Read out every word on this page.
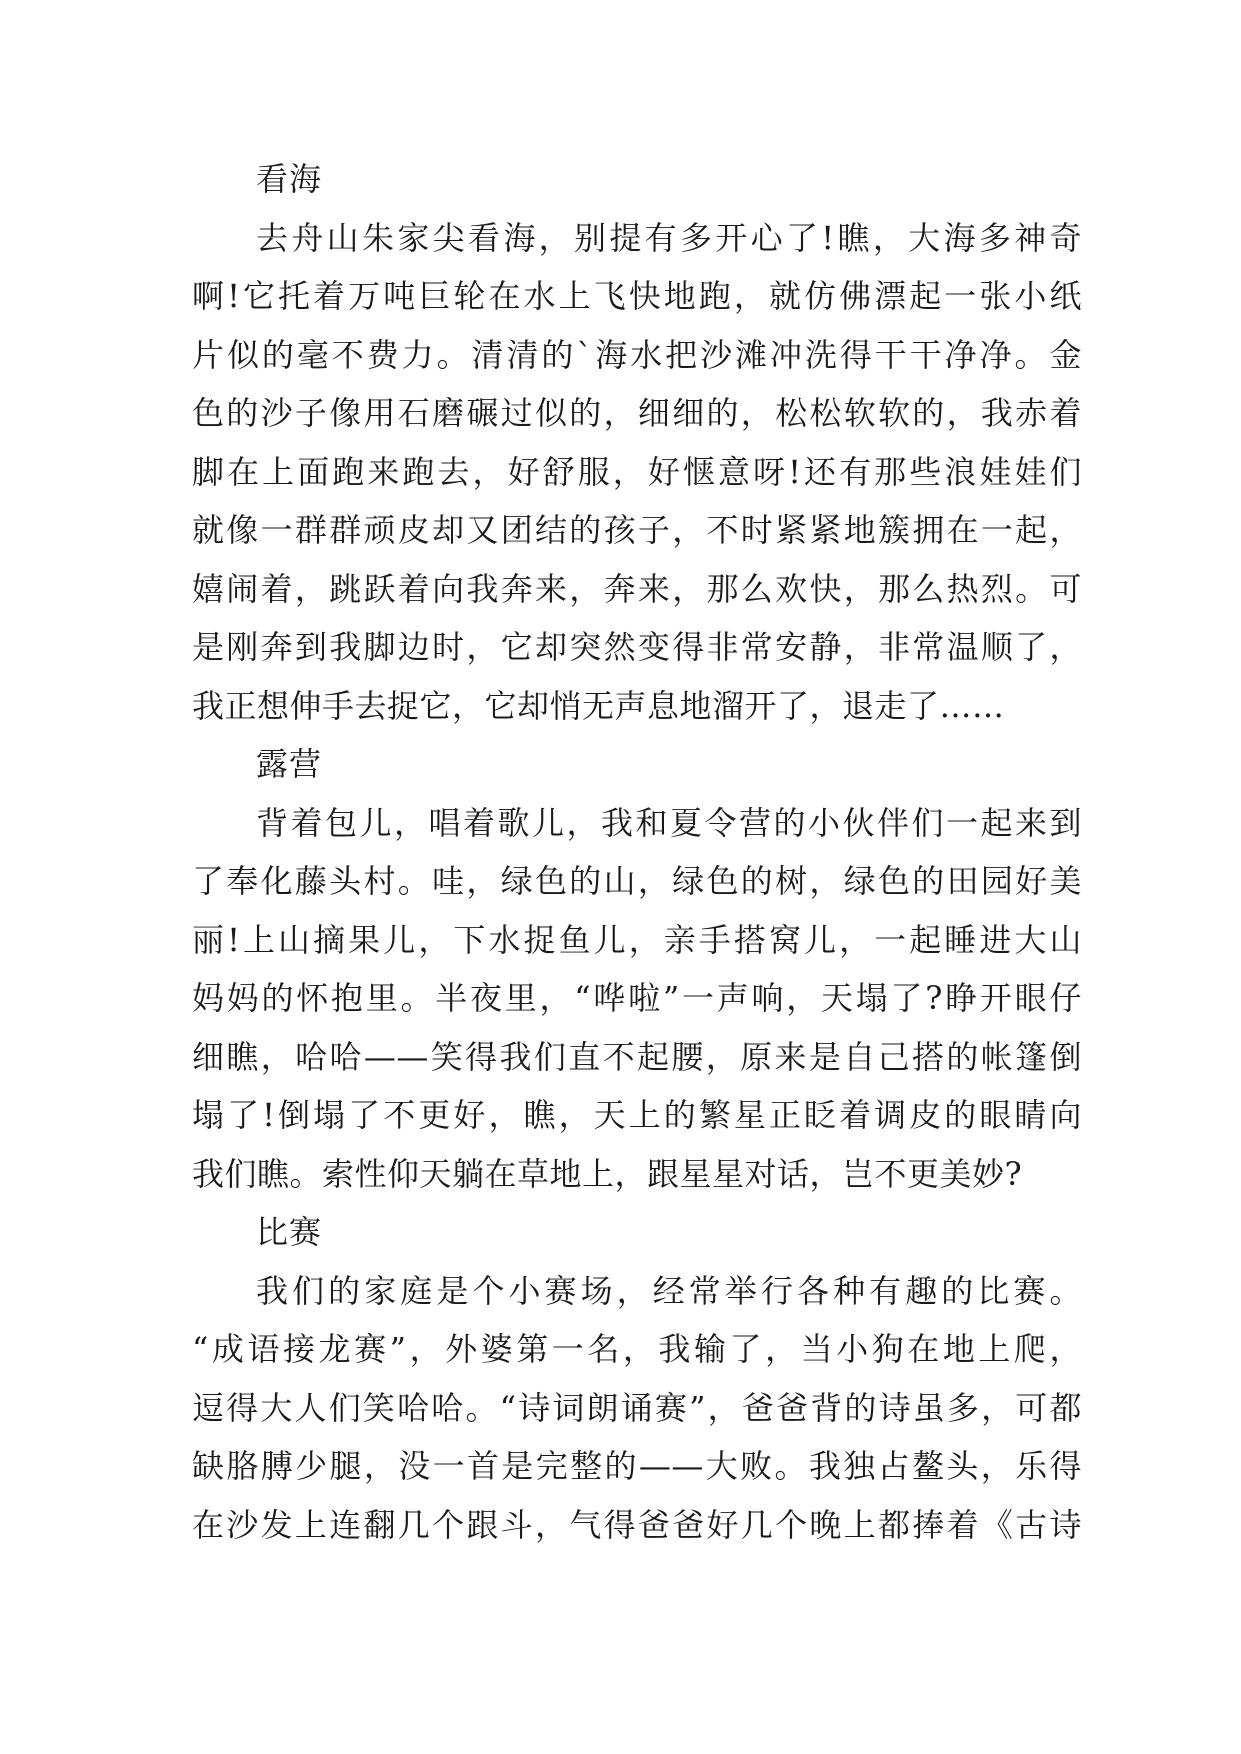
看海
去舟山朱家尖看海，别提有多开心了!瞧，大海多神奇
啊!它托着万吨巨轮在水上飞快地跑，就仿佛漂起一张小纸
片似的毫不费力。清清的`海水把沙滩冲洗得干干净净。金
色的沙子像用石磨碾过似的，细细的，松松软软的，我赤着
脚在上面跑来跑去，好舒服，好惬意呀!还有那些浪娃娃们
就像一群群顽皮却又团结的孩子，不时紧紧地簇拥在一起，
嬉闹着，跳跃着向我奔来，奔来，那么欢快，那么热烈。可
是刚奔到我脚边时，它却突然变得非常安静，非常温顺了，
我正想伸手去捉它，它却悄无声息地溜开了，退走了……
露营
背着包儿，唱着歌儿，我和夏令营的小伙伴们一起来到
了奉化藤头村。哇，绿色的山，绿色的树，绿色的田园好美
丽!上山摘果儿，下水捉鱼儿，亲手搭窝儿，一起睡进大山
妈妈的怀抱里。半夜里，“哗啦”一声响，天塌了?睁开眼仔
细瞧，哈哈——笑得我们直不起腰，原来是自己搭的帐篷倒
塌了!倒塌了不更好，瞧，天上的繁星正眨着调皮的眼睛向
我们瞧。索性仰天躺在草地上，跟星星对话，岂不更美妙?
比赛
我们的家庭是个小赛场，经常举行各种有趣的比赛。
“成语接龙赛”，外婆第一名，我输了，当小狗在地上爬，
逗得大人们笑哈哈。“诗词朗诵赛”，爸爸背的诗虽多，可都
缺胳膊少腿，没一首是完整的——大败。我独占鳌头，乐得
在沙发上连翻几个跟斗，气得爸爸好几个晚上都捧着《古诗
